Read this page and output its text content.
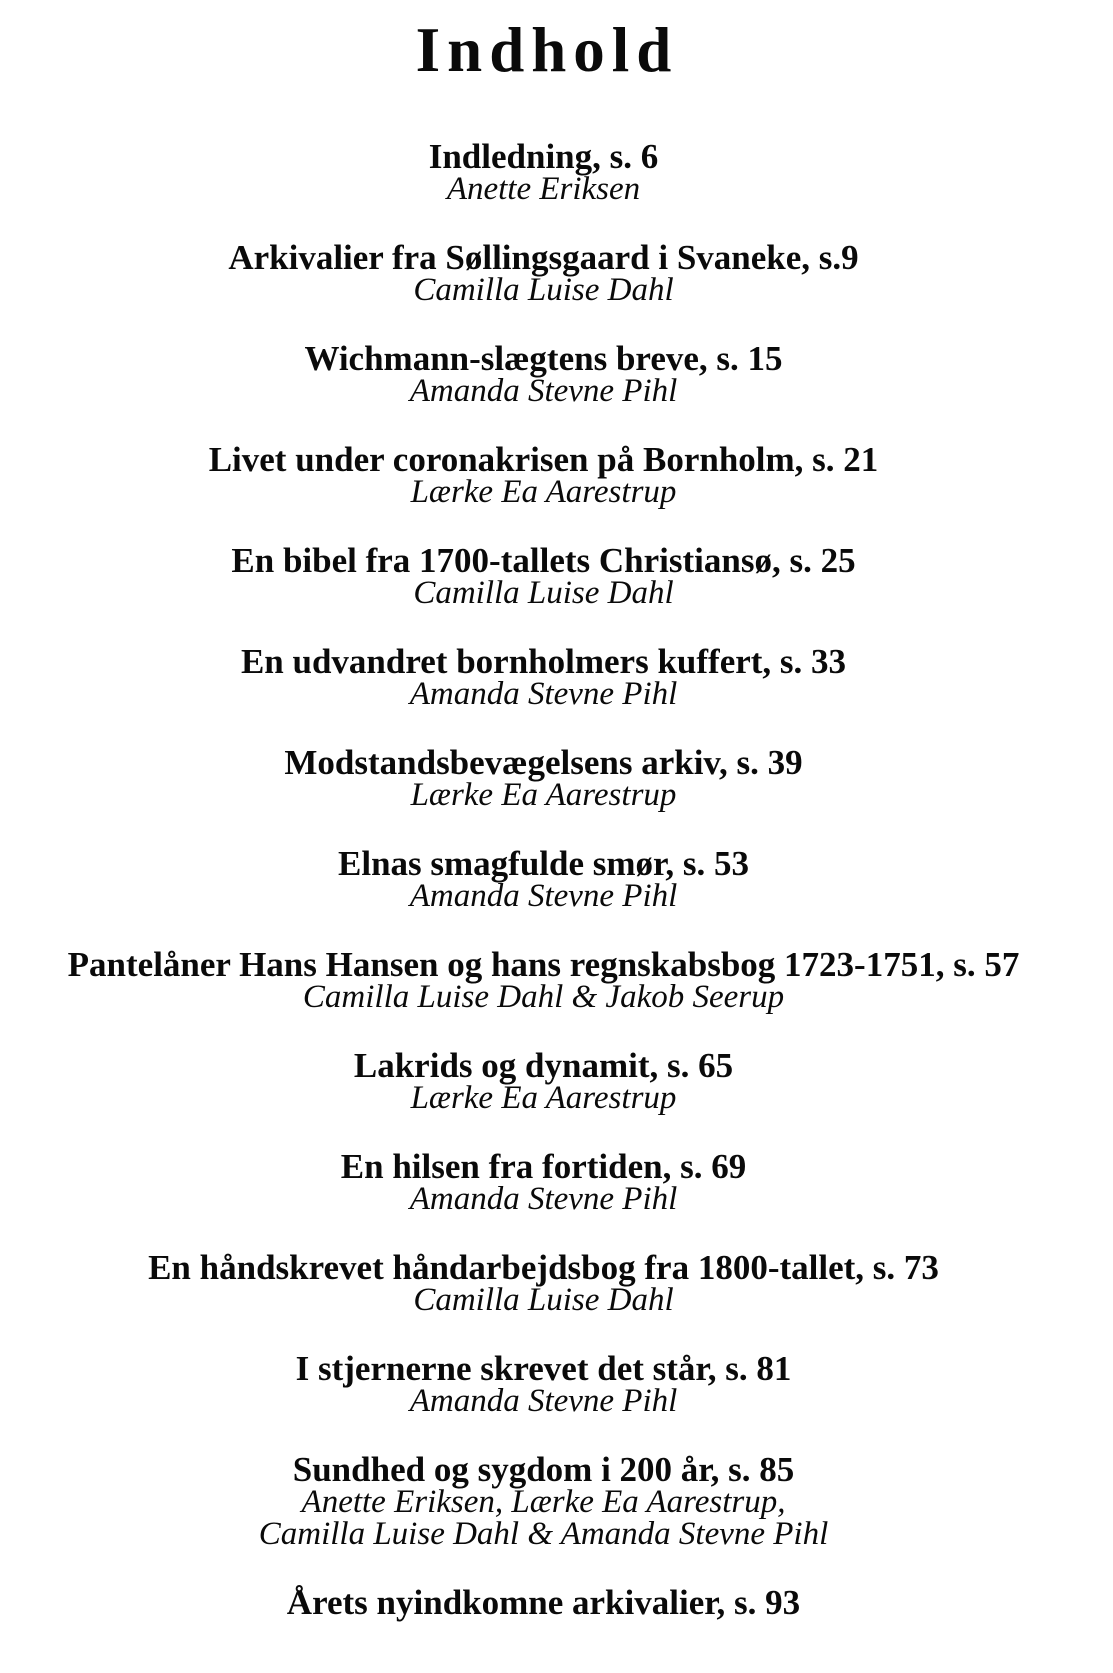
Indhold
Indledning, s. 6
Anette Eriksen
Arkivalier fra Søllingsgaard i Svaneke, s.9
Camilla Luise Dahl
Wichmann-slægtens breve, s. 15
Amanda Stevne Pihl
Livet under coronakrisen på Bornholm, s. 21
Lærke Ea Aarestrup
En bibel fra 1700-tallets Christiansø, s. 25
Camilla Luise Dahl
En udvandret bornholmers kuffert, s. 33
Amanda Stevne Pihl
Modstandsbevægelsens arkiv, s. 39
Lærke Ea Aarestrup
Elnas smagfulde smør, s. 53
Amanda Stevne Pihl
Pantelåner Hans Hansen og hans regnskabsbog 1723-1751, s. 57
Camilla Luise Dahl & Jakob Seerup
Lakrids og dynamit, s. 65
Lærke Ea Aarestrup
En hilsen fra fortiden, s. 69
Amanda Stevne Pihl
En håndskrevet håndarbejdsbog fra 1800-tallet, s. 73
Camilla Luise Dahl
I stjernerne skrevet det står, s. 81
Amanda Stevne Pihl
Sundhed og sygdom i 200 år, s. 85
Anette Eriksen, Lærke Ea Aarestrup,
Camilla Luise Dahl & Amanda Stevne Pihl
Årets nyindkomne arkivalier, s. 93
